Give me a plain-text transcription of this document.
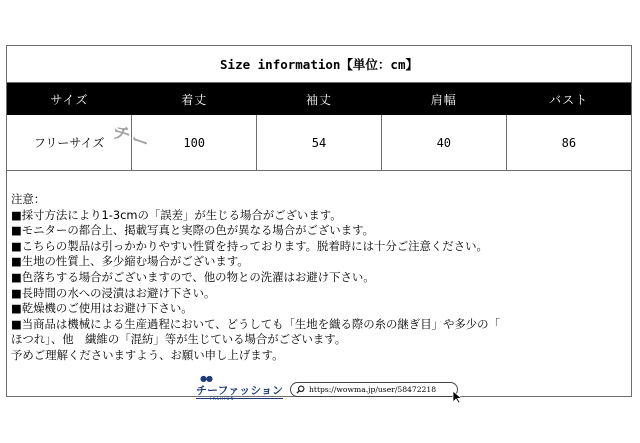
Size information【単位：cm】
サイズ	着丈	袖丈	肩幅	バスト
フリーサイズ	100	54	40	86
チー
注意：
■採寸方法により1-3cmの「誤差」が生じる場合がございます。
■モニターの都合上、掲載写真と実際の色が異なる場合がございます。
■こちらの製品は引っかかりやすい性質を持っております。脱着時には十分ご注意ください。
■生地の性質上、多少縮む場合がございます。
■色落ちする場合がございますので、他の物との洗濯はお避け下さい。
■長時間の水への浸漬はお避け下さい。
■乾燥機のご使用はお避け下さい。
■当商品は機械による生産過程において、どうしても「生地を織る際の糸の継ぎ目」や多少の「
ほつれ」、他　繊維の「混紡」等が生じている場合がございます。
予めご理解くださいますよう、お願い申し上げます。
●●
チーファッション
FASHION
https://wowma.jp/user/58472218
